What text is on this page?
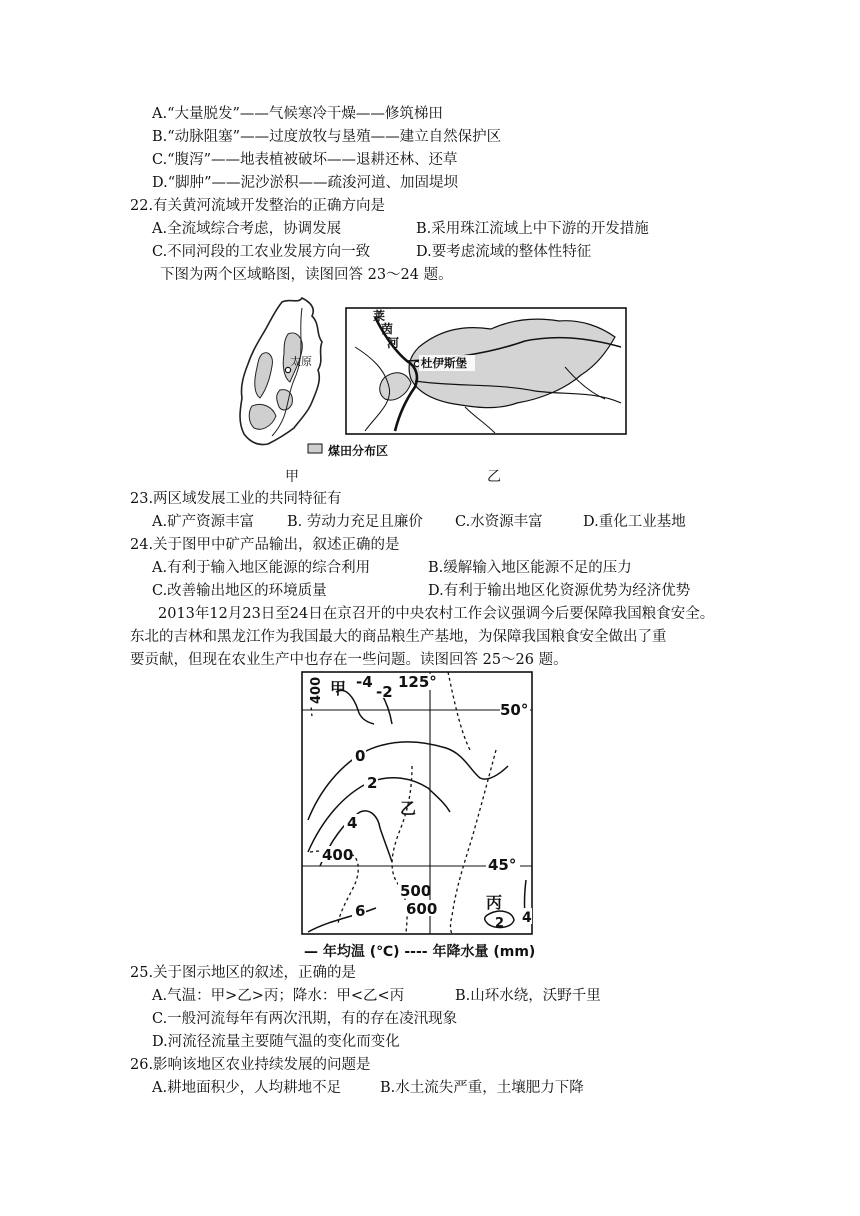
A.“大量脱发”——气候寒冷干燥——修筑梯田
B.“动脉阻塞”——过度放牧与垦殖——建立自然保护区
C.“腹泻”——地表植被破坏——退耕还林、还草
D.“脚肿”——泥沙淤积——疏浚河道、加固堤坝
22.有关黄河流域开发整治的正确方向是
A.全流域综合考虑，协调发展	B.采用珠江流域上中下游的开发措施
C.不同河段的工农业发展方向一致	D.要考虑流域的整体性特征
下图为两个区域略图，读图回答 23～24 题。
太原
煤田分布区
甲
莱
茵
河
杜伊斯堡
乙
23.两区域发展工业的共同特征有
A.矿产资源丰富 B. 劳动力充足且廉价 C.水资源丰富	D.重化工业基地
24.关于图甲中矿产品输出，叙述正确的是
A.有利于输入地区能源的综合利用	B.缓解输入地区能源不足的压力
C.改善输出地区的环境质量	D.有利于输出地区化资源优势为经济优势
2013年12月23日至24日在京召开的中央农村工作会议强调今后要保障我国粮食安全。
东北的吉林和黑龙江作为我国最大的商品粮生产基地，为保障我国粮食安全做出了重
要贡献，但现在农业生产中也存在一些问题。读图回答 25～26 题。
400 甲 -4
-2
125°
50°
0
2
乙
4
400
45°
500
600
6	丙
4
2
— 年均温 (℃) ---- 年降水量 (mm)
25.关于图示地区的叙述，正确的是
A.气温：甲>乙>丙；降水：甲<乙<丙	B.山环水绕，沃野千里
C.一般河流每年有两次汛期，有的存在凌汛现象
D.河流径流量主要随气温的变化而变化
26.影响该地区农业持续发展的问题是
A.耕地面积少，人均耕地不足	B.水土流失严重，土壤肥力下降
